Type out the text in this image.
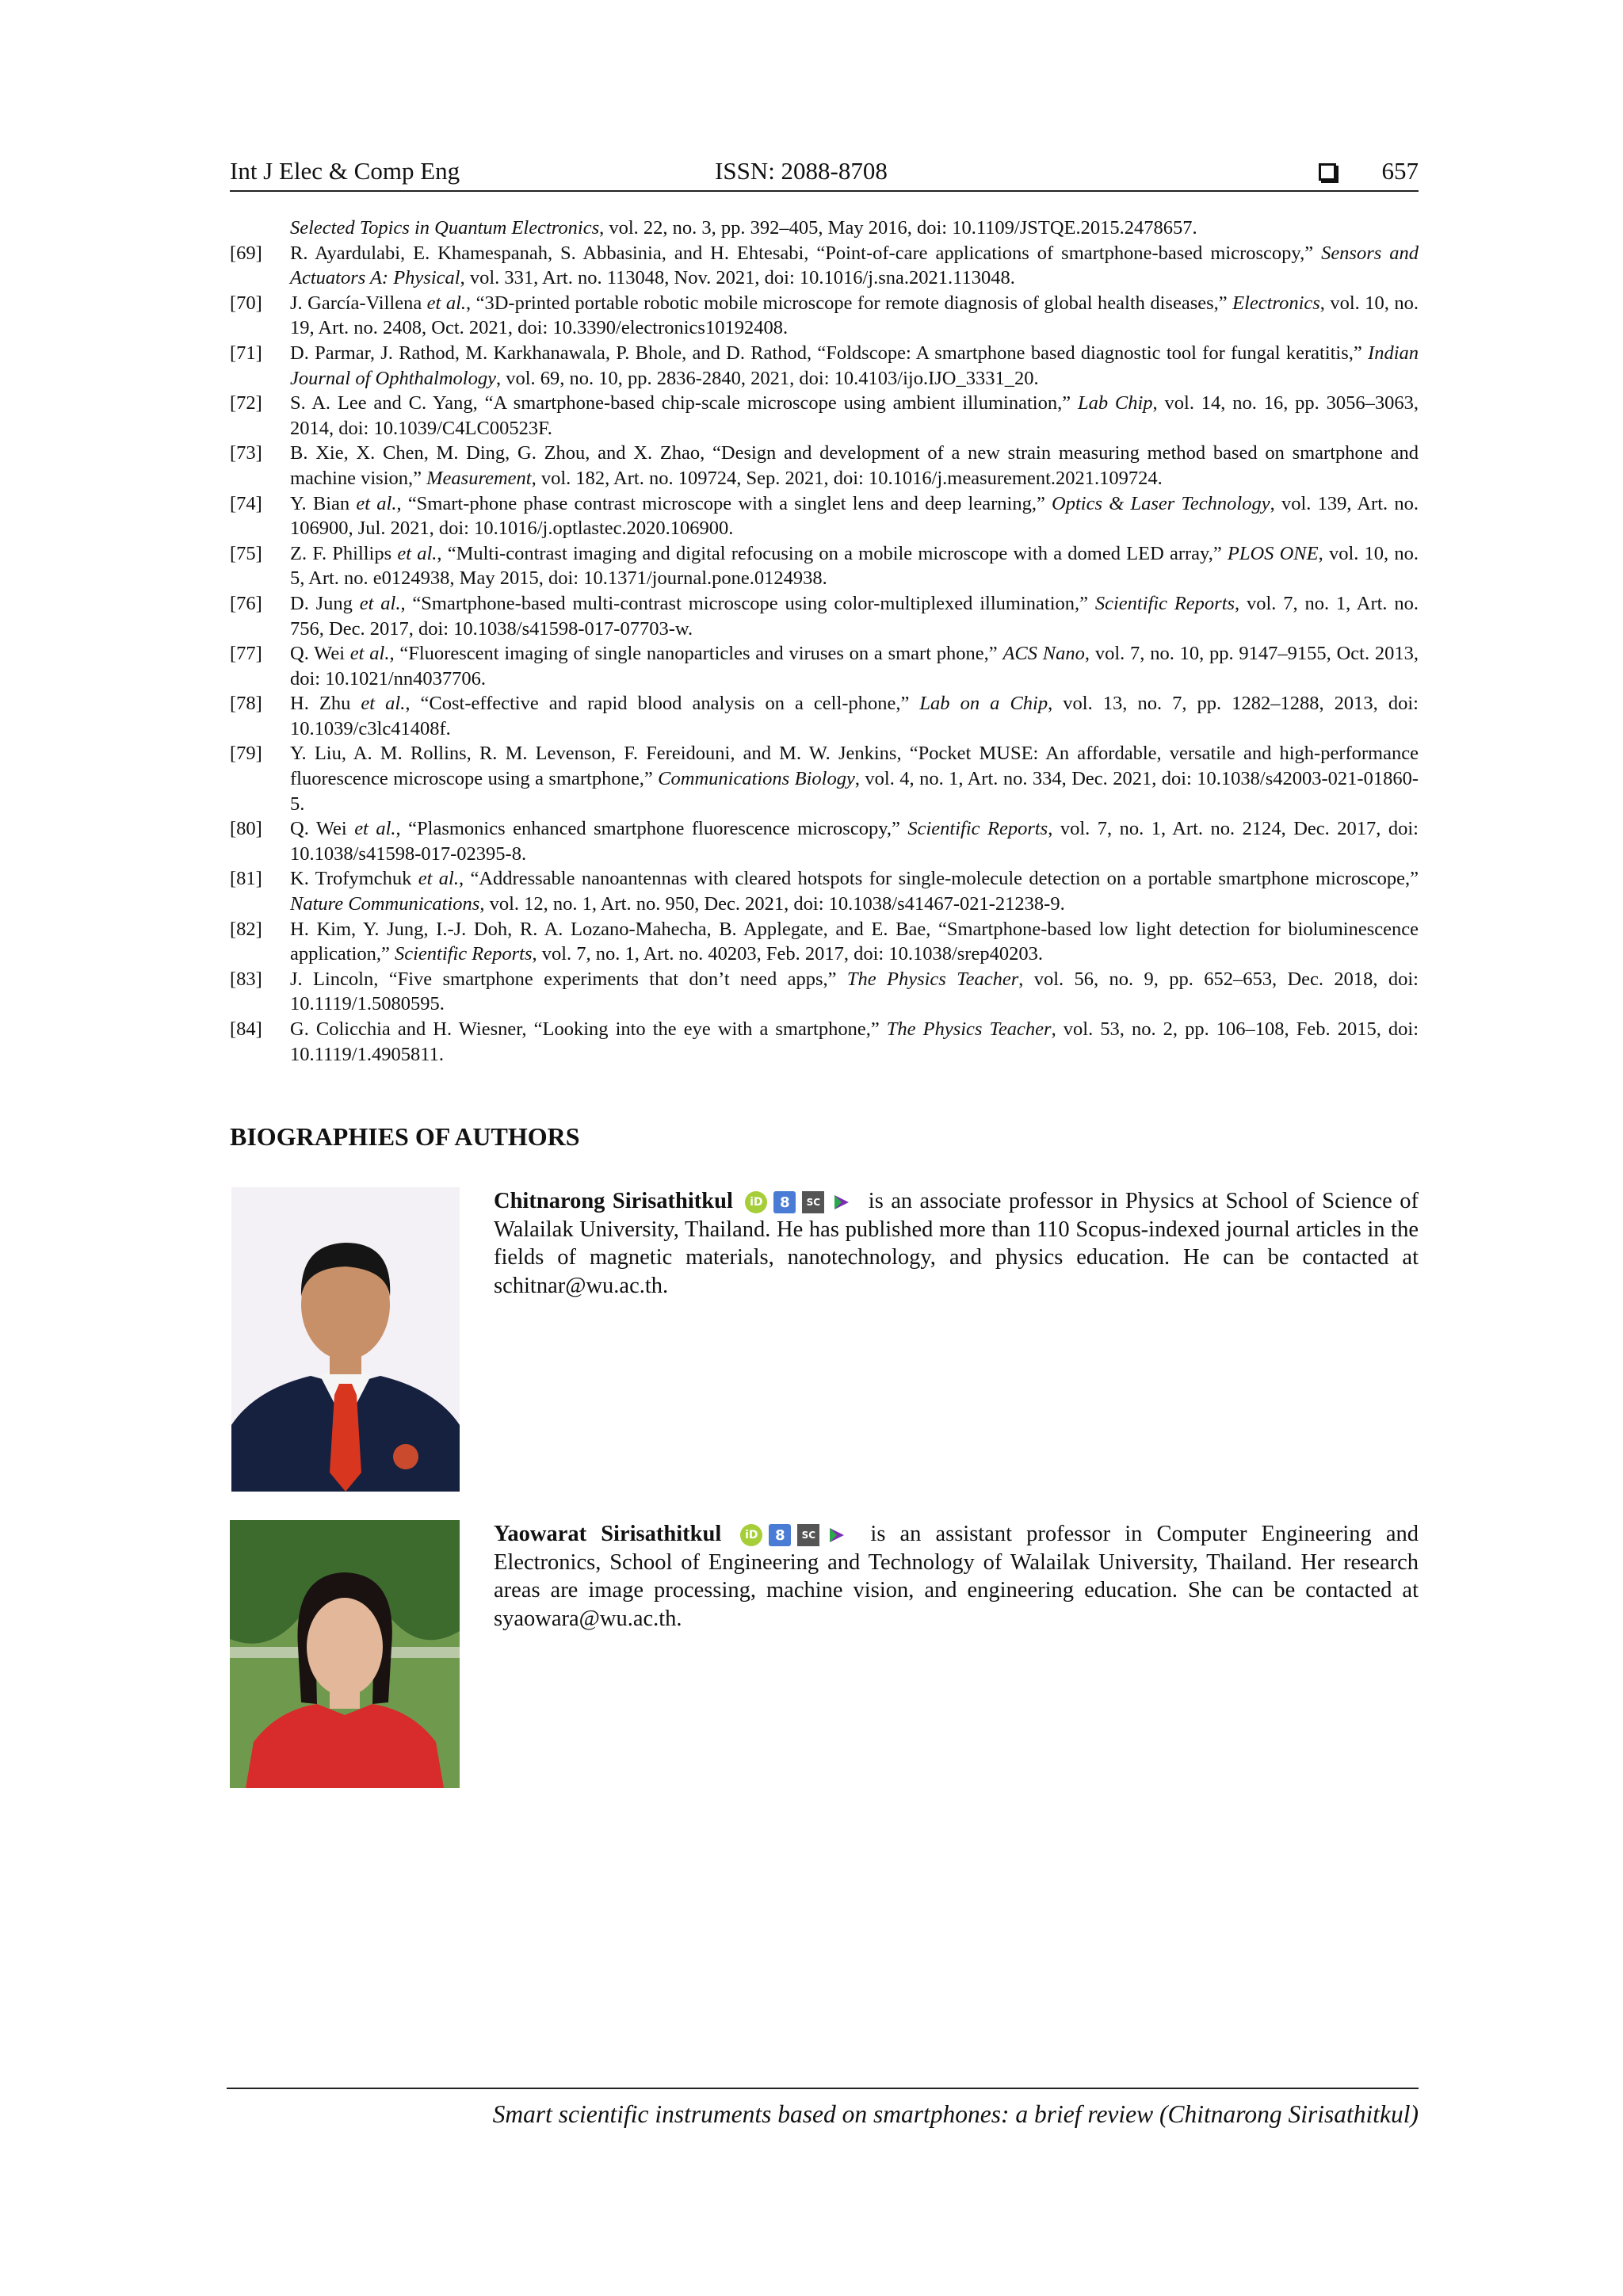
Int J Elec & Comp Eng	ISSN: 2088-8708	657

Selected Topics in Quantum Electronics, vol. 22, no. 3, pp. 392–405, May 2016, doi: 10.1109/JSTQE.2015.2478657.

[69] R. Ayardulabi, E. Khamespanah, S. Abbasinia, and H. Ehtesabi, “Point-of-care applications of smartphone-based microscopy,” Sensors and Actuators A: Physical, vol. 331, Art. no. 113048, Nov. 2021, doi: 10.1016/j.sna.2021.113048.

[70] J. García-Villena et al., “3D-printed portable robotic mobile microscope for remote diagnosis of global health diseases,” Electronics, vol. 10, no. 19, Art. no. 2408, Oct. 2021, doi: 10.3390/electronics10192408.

[71] D. Parmar, J. Rathod, M. Karkhanawala, P. Bhole, and D. Rathod, “Foldscope: A smartphone based diagnostic tool for fungal keratitis,” Indian Journal of Ophthalmology, vol. 69, no. 10, pp. 2836-2840, 2021, doi: 10.4103/ijo.IJO_3331_20.

[72] S. A. Lee and C. Yang, “A smartphone-based chip-scale microscope using ambient illumination,” Lab Chip, vol. 14, no. 16, pp. 3056–3063, 2014, doi: 10.1039/C4LC00523F.

[73] B. Xie, X. Chen, M. Ding, G. Zhou, and X. Zhao, “Design and development of a new strain measuring method based on smartphone and machine vision,” Measurement, vol. 182, Art. no. 109724, Sep. 2021, doi: 10.1016/j.measurement.2021.109724.

[74] Y. Bian et al., “Smart-phone phase contrast microscope with a singlet lens and deep learning,” Optics & Laser Technology, vol. 139, Art. no. 106900, Jul. 2021, doi: 10.1016/j.optlastec.2020.106900.

[75] Z. F. Phillips et al., “Multi-contrast imaging and digital refocusing on a mobile microscope with a domed LED array,” PLOS ONE, vol. 10, no. 5, Art. no. e0124938, May 2015, doi: 10.1371/journal.pone.0124938.

[76] D. Jung et al., “Smartphone-based multi-contrast microscope using color-multiplexed illumination,” Scientific Reports, vol. 7, no. 1, Art. no. 756, Dec. 2017, doi: 10.1038/s41598-017-07703-w.

[77] Q. Wei et al., “Fluorescent imaging of single nanoparticles and viruses on a smart phone,” ACS Nano, vol. 7, no. 10, pp. 9147–9155, Oct. 2013, doi: 10.1021/nn4037706.

[78] H. Zhu et al., “Cost-effective and rapid blood analysis on a cell-phone,” Lab on a Chip, vol. 13, no. 7, pp. 1282–1288, 2013, doi: 10.1039/c3lc41408f.

[79] Y. Liu, A. M. Rollins, R. M. Levenson, F. Fereidouni, and M. W. Jenkins, “Pocket MUSE: An affordable, versatile and high-performance fluorescence microscope using a smartphone,” Communications Biology, vol. 4, no. 1, Art. no. 334, Dec. 2021, doi: 10.1038/s42003-021-01860-5.

[80] Q. Wei et al., “Plasmonics enhanced smartphone fluorescence microscopy,” Scientific Reports, vol. 7, no. 1, Art. no. 2124, Dec. 2017, doi: 10.1038/s41598-017-02395-8.

[81] K. Trofymchuk et al., “Addressable nanoantennas with cleared hotspots for single-molecule detection on a portable smartphone microscope,” Nature Communications, vol. 12, no. 1, Art. no. 950, Dec. 2021, doi: 10.1038/s41467-021-21238-9.

[82] H. Kim, Y. Jung, I.-J. Doh, R. A. Lozano-Mahecha, B. Applegate, and E. Bae, “Smartphone-based low light detection for bioluminescence application,” Scientific Reports, vol. 7, no. 1, Art. no. 40203, Feb. 2017, doi: 10.1038/srep40203.

[83] J. Lincoln, “Five smartphone experiments that don’t need apps,” The Physics Teacher, vol. 56, no. 9, pp. 652–653, Dec. 2018, doi: 10.1119/1.5080595.

[84] G. Colicchia and H. Wiesner, “Looking into the eye with a smartphone,” The Physics Teacher, vol. 53, no. 2, pp. 106–108, Feb. 2015, doi: 10.1119/1.4905811.

BIOGRAPHIES OF AUTHORS
Chitnarong Sirisathitkul	iD	8	SC is an associate professor in Physics at School of Science of Walailak University, Thailand. He has published more than 110 Scopus-indexed journal articles in the fields of magnetic materials, nanotechnology, and physics education. He can be contacted at schitnar@wu.ac.th.
Yaowarat Sirisathitkul	iD	8	SC is an assistant professor in Computer Engineering and Electronics, School of Engineering and Technology of Walailak University, Thailand. Her research areas are image processing, machine vision, and engineering education. She can be contacted at syaowara@wu.ac.th.
Smart scientific instruments based on smartphones: a brief review (Chitnarong Sirisathitkul)
